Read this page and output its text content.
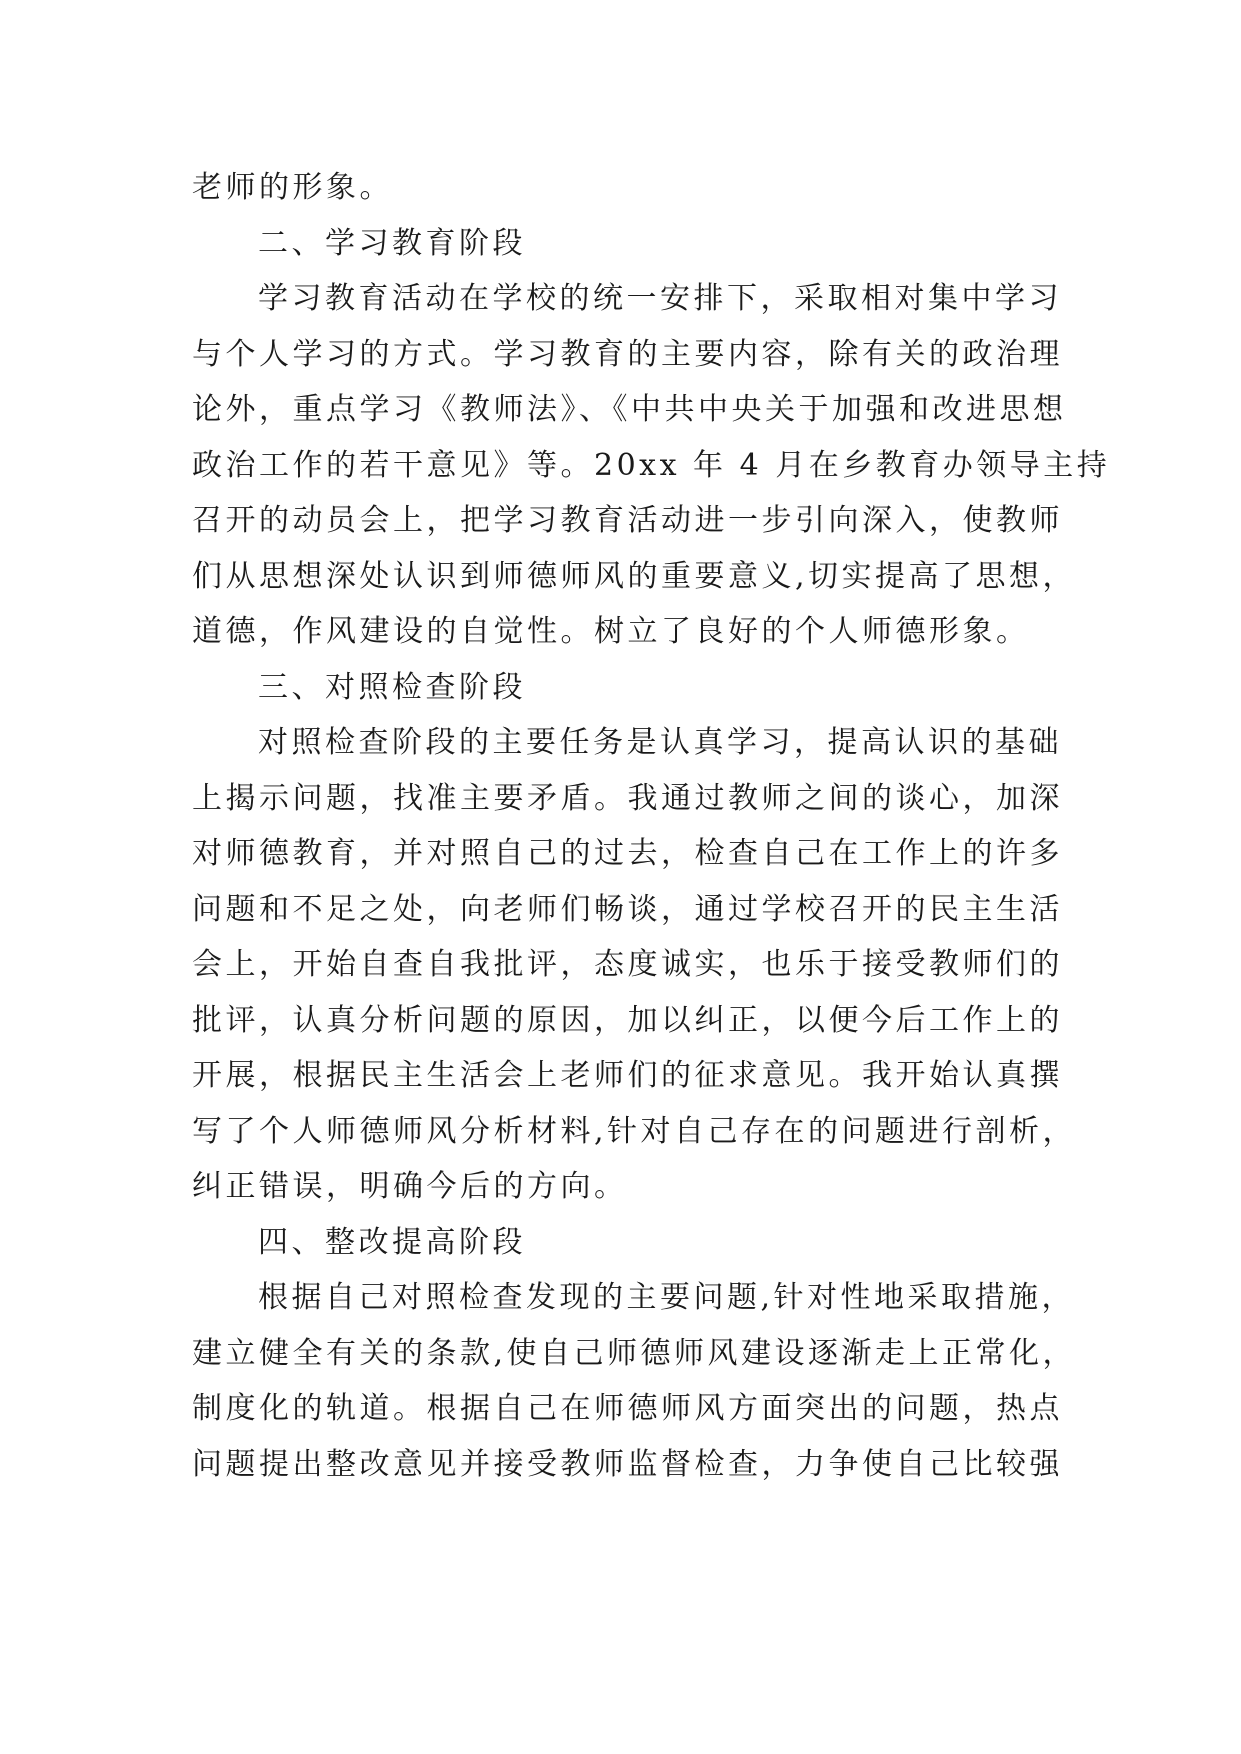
老师的形象。
二、学习教育阶段
学习教育活动在学校的统一安排下，采取相对集中学习
与个人学习的方式。学习教育的主要内容，除有关的政治理
论外，重点学习《教师法》、《中共中央关于加强和改进思想
政治工作的若干意见》等。20xx 年 4 月在乡教育办领导主持
召开的动员会上，把学习教育活动进一步引向深入，使教师
们从思想深处认识到师德师风的重要意义,切实提高了思想，
道德，作风建设的自觉性。树立了良好的个人师德形象。
三、对照检查阶段
对照检查阶段的主要任务是认真学习，提高认识的基础
上揭示问题，找准主要矛盾。我通过教师之间的谈心，加深
对师德教育，并对照自己的过去，检查自己在工作上的许多
问题和不足之处，向老师们畅谈，通过学校召开的民主生活
会上，开始自查自我批评，态度诚实，也乐于接受教师们的
批评，认真分析问题的原因，加以纠正，以便今后工作上的
开展，根据民主生活会上老师们的征求意见。我开始认真撰
写了个人师德师风分析材料,针对自己存在的问题进行剖析，
纠正错误，明确今后的方向。
四、整改提高阶段
根据自己对照检查发现的主要问题,针对性地采取措施，
建立健全有关的条款,使自己师德师风建设逐渐走上正常化，
制度化的轨道。根据自己在师德师风方面突出的问题，热点
问题提出整改意见并接受教师监督检查，力争使自己比较强
